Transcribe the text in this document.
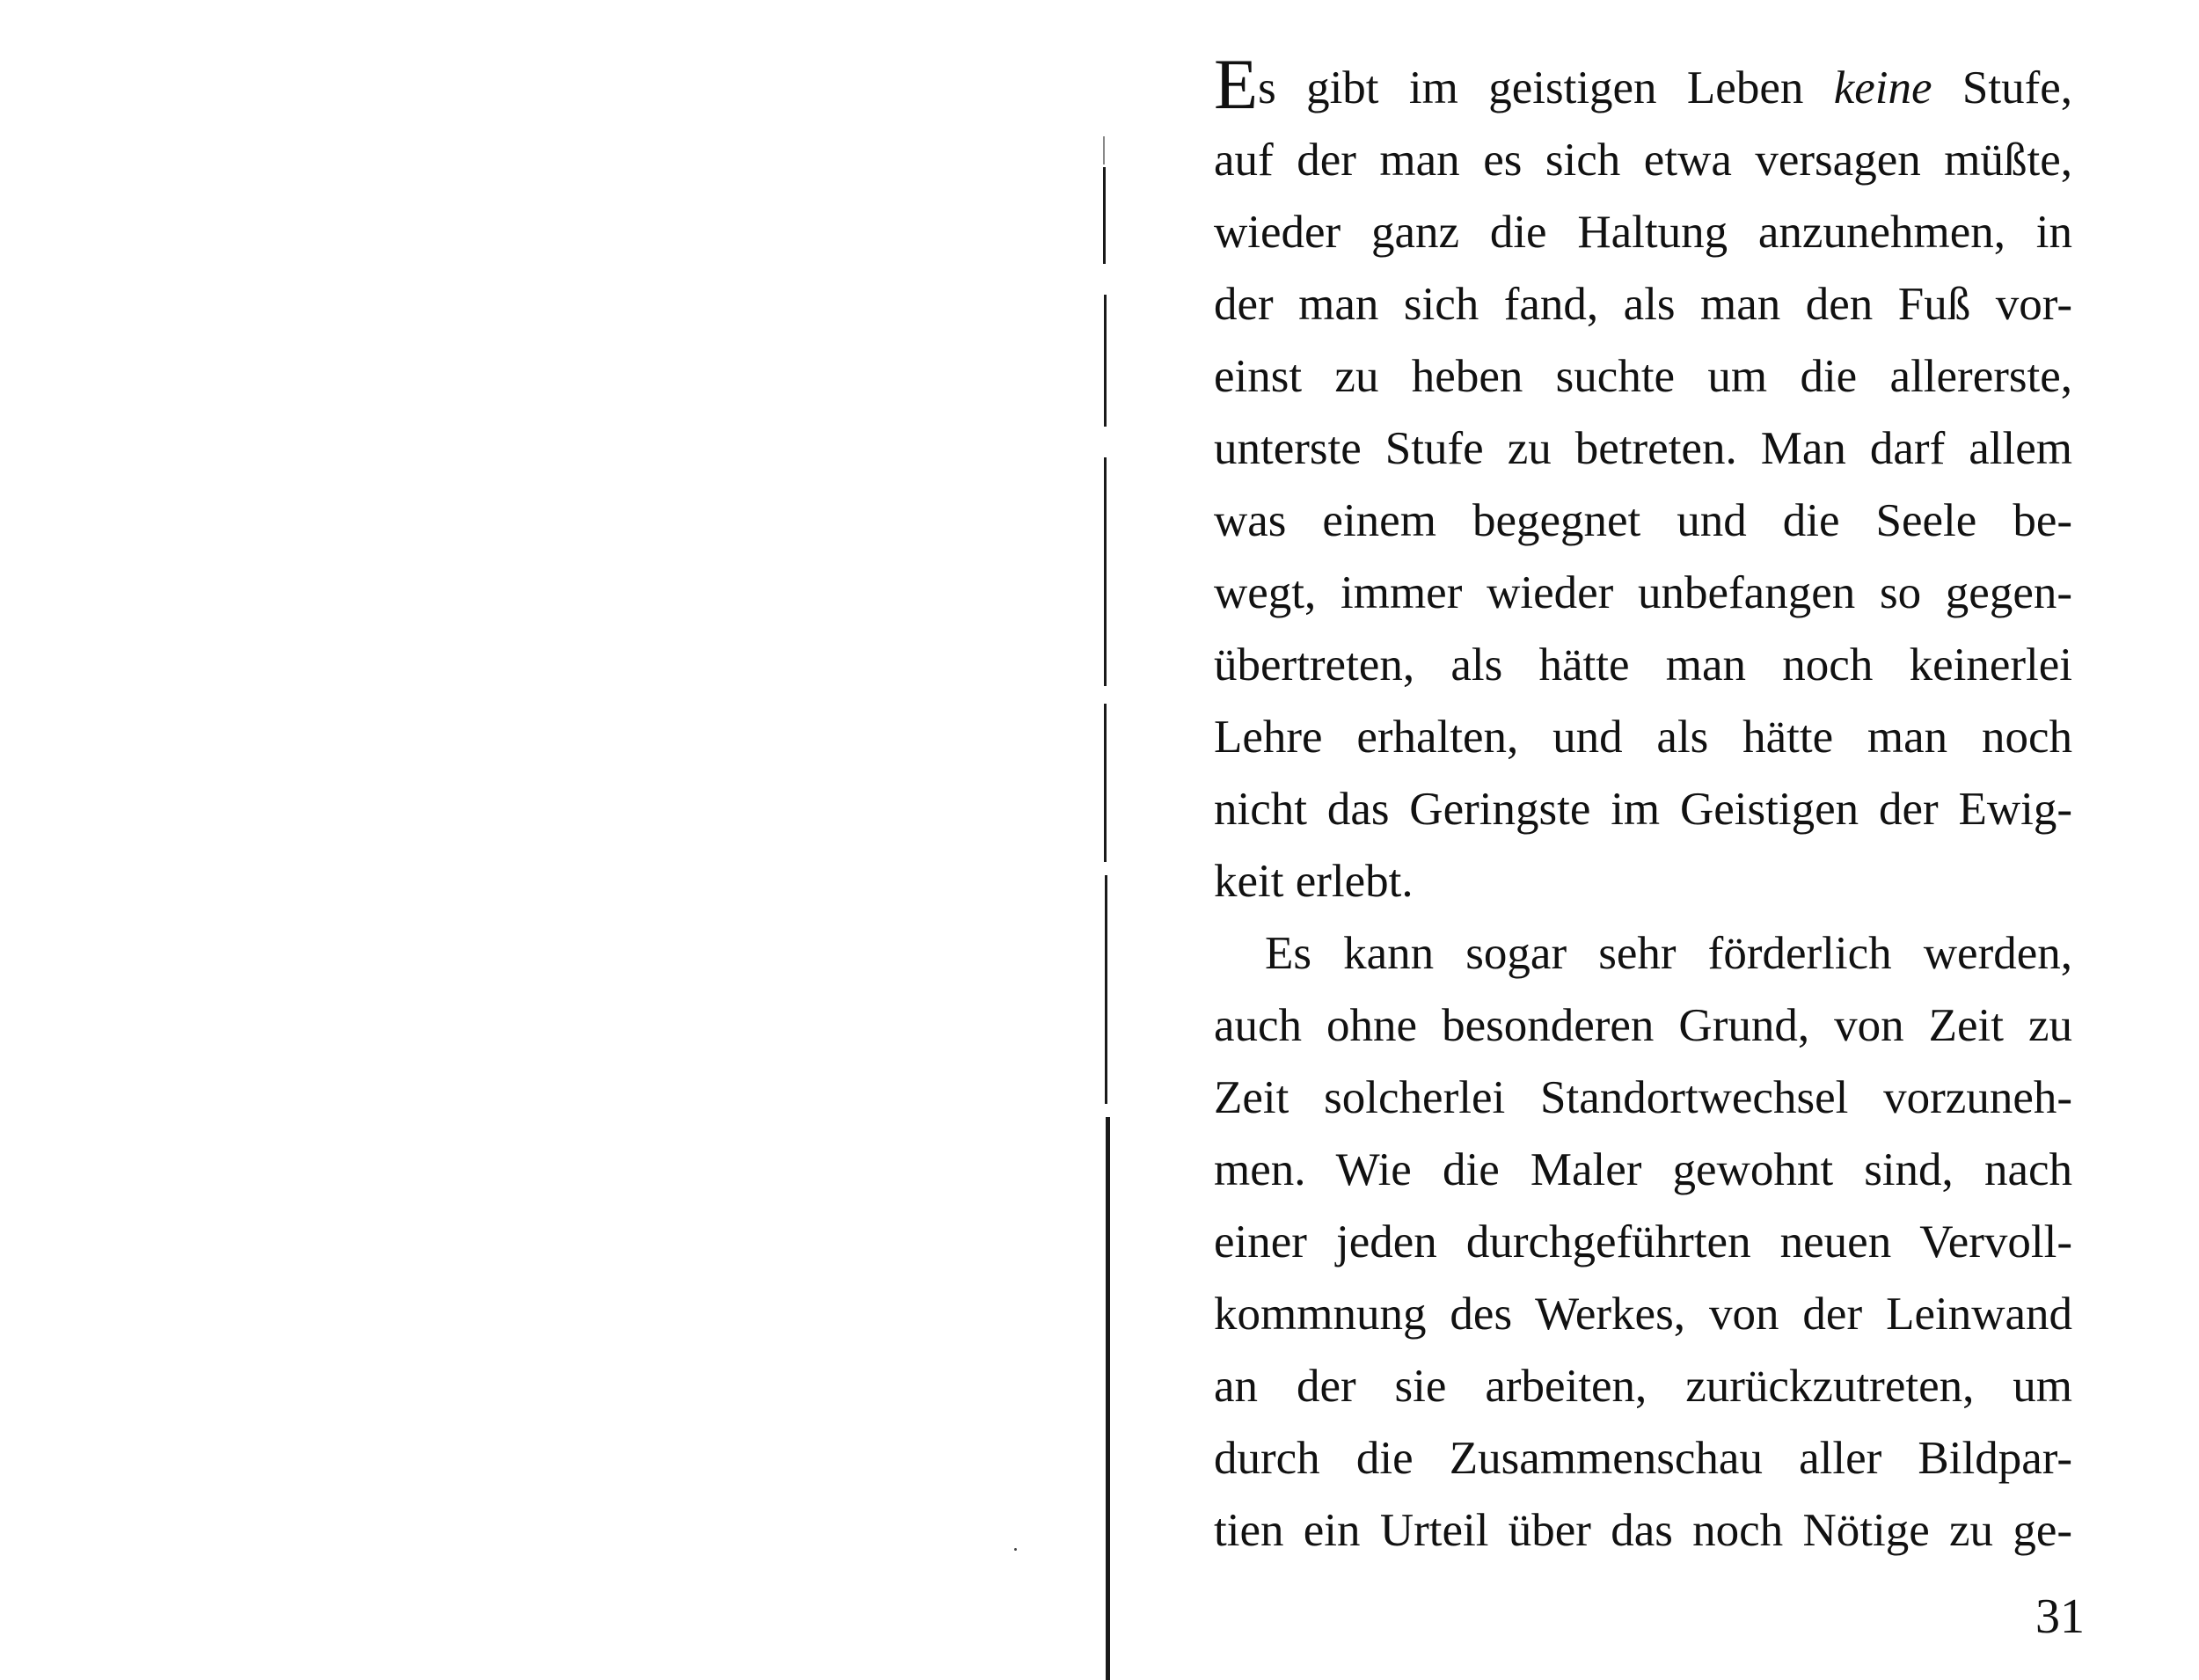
Es gibt im geistigen Leben keine Stufe,
auf der man es sich etwa versagen müßte,
wieder ganz die Haltung anzunehmen, in
der man sich fand, als man den Fuß vor-
einst zu heben suchte um die allererste,
unterste Stufe zu betreten. Man darf allem
was einem begegnet und die Seele be-
wegt, immer wieder unbefangen so gegen-
übertreten, als hätte man noch keinerlei
Lehre erhalten, und als hätte man noch
nicht das Geringste im Geistigen der Ewig-
keit erlebt.
Es kann sogar sehr förderlich werden,
auch ohne besonderen Grund, von Zeit zu
Zeit solcherlei Standortwechsel vorzuneh-
men. Wie die Maler gewohnt sind, nach
einer jeden durchgeführten neuen Vervoll-
kommnung des Werkes, von der Leinwand
an der sie arbeiten, zurückzutreten, um
durch die Zusammenschau aller Bildpar-
tien ein Urteil über das noch Nötige zu ge-
31
